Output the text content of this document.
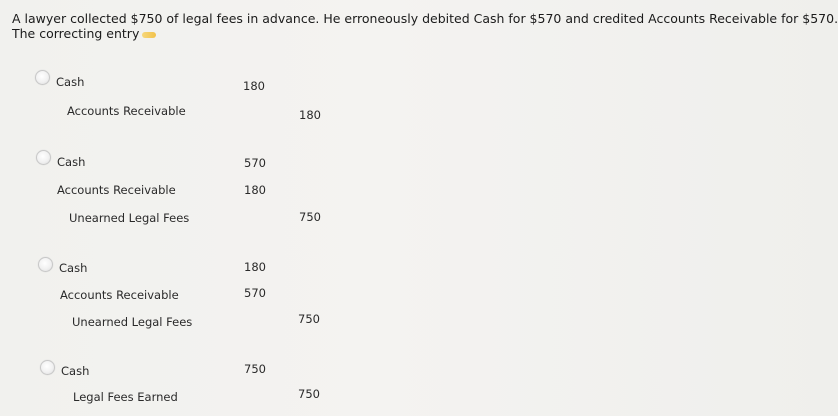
A lawyer collected $750 of legal fees in advance. He erroneously debited Cash for $570 and credited Accounts Receivable for $570.
The correcting entry
Cash	180
Accounts Receivable	180
Cash	570
Accounts Receivable	180
Unearned Legal Fees	750
Cash	180
Accounts Receivable	570
Unearned Legal Fees	750
Cash	750
Legal Fees Earned	750
